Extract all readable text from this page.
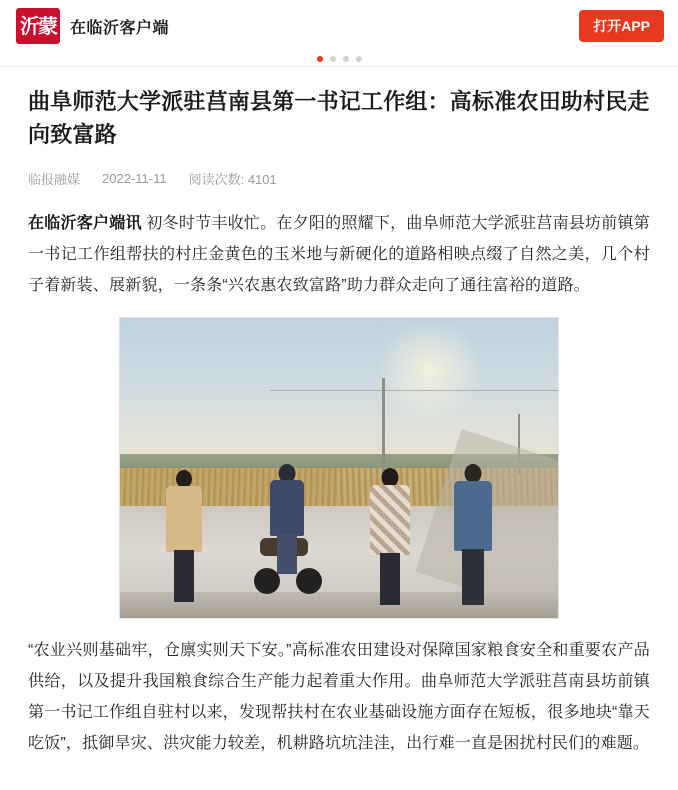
沂蒙 在临沂客户端	打开APP
曲阜师范大学派驻莒南县第一书记工作组：高标准农田助村民走向致富路
临报融媒 2022-11-11 阅读次数: 4101

在临沂客户端讯 初冬时节丰收忙。在夕阳的照耀下，曲阜师范大学派驻莒南县坊前镇第一书记工作组帮扶的村庄金黄色的玉米地与新硬化的道路相映点缀了自然之美，几个村子着新装、展新貌，一条条“兴农惠农致富路”助力群众走向了通往富裕的道路。

“农业兴则基础牢，仓廪实则天下安。”高标准农田建设对保障国家粮食安全和重要农产品供给，以及提升我国粮食综合生产能力起着重大作用。曲阜师范大学派驻莒南县坊前镇第一书记工作组自驻村以来，发现帮扶村在农业基础设施方面存在短板，很多地块“靠天吃饭”，抵御旱灾、洪灾能力较差，机耕路坑坑洼洼，出行难一直是困扰村民们的难题。
